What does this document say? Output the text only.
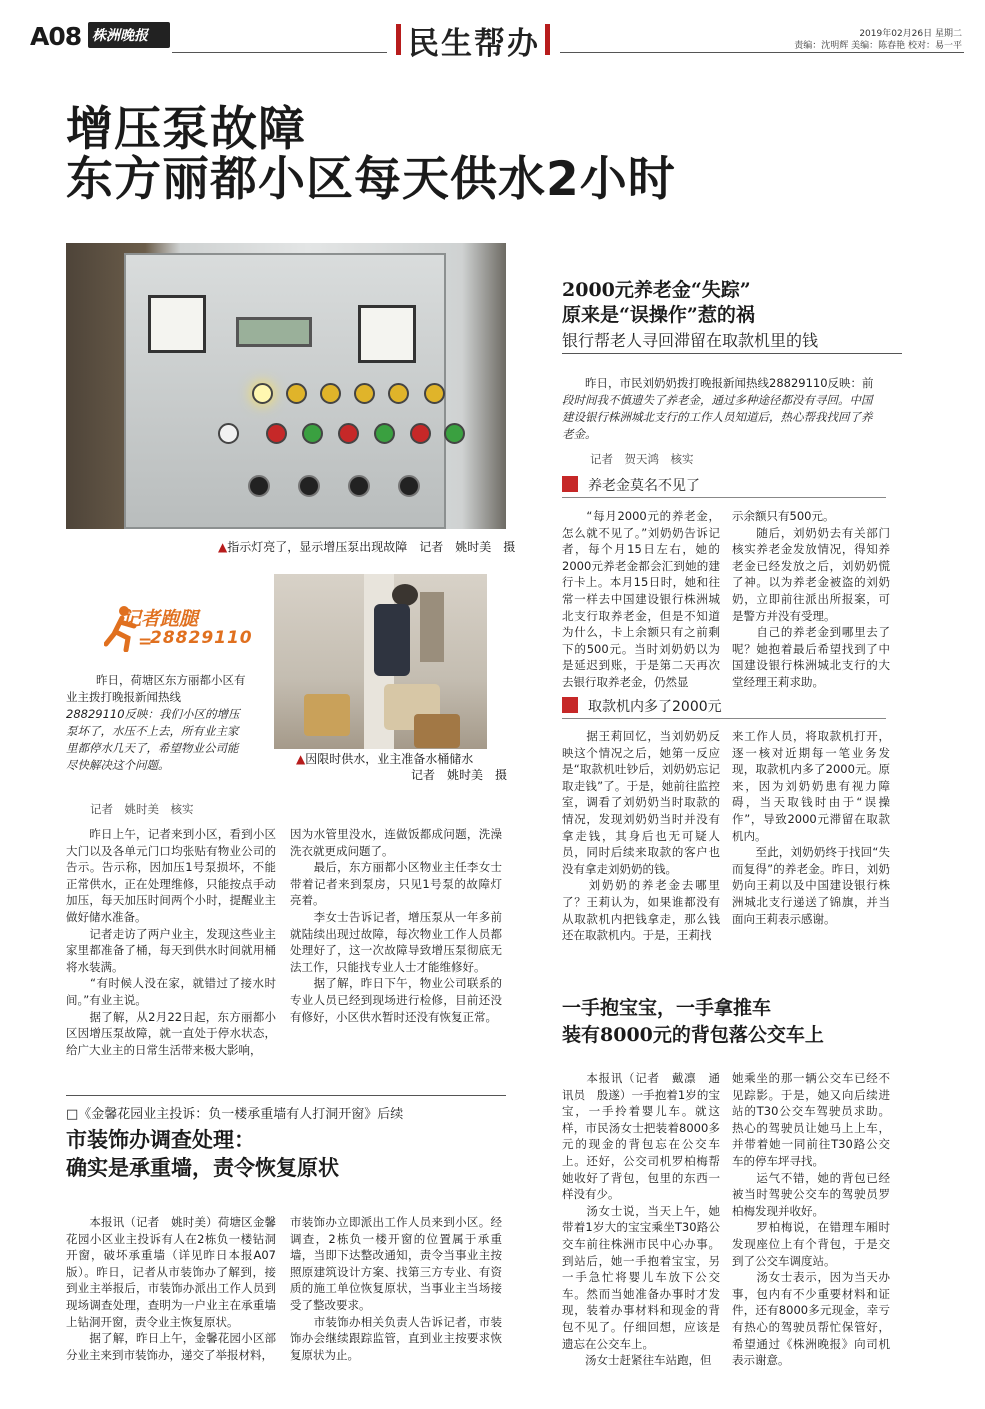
A08 株洲晚报	民生帮办	2019年02月26日 星期二
责编：沈明辉 美编：陈春艳 校对：易一平
增压泵故障
东方丽都小区每天供水2小时
▲指示灯亮了，显示增压泵出现故障　记者　姚时美　摄
记者跑腿
=
28829110
昨日，荷塘区东方丽都小区有
业主拨打晚报新闻热线
28829110反映：我们小区的增压
泵坏了，水压不上去，所有业主家
里都停水几天了，希望物业公司能
尽快解决这个问题。	▲因限时供水，业主准备水桶储水
记者　姚时美　摄
记者　姚时美　核实

　　昨日上午，记者来到小区，看到小区大门以及各单元门口均张贴有物业公司的告示。告示称，因加压1号泵损坏，不能正常供水，正在处理维修，只能按点手动加压，每天加压时间两个小时，提醒业主做好储水准备。

　　记者走访了两户业主，发现这些业主家里都准备了桶，每天到供水时间就用桶将水装满。

　　“有时候人没在家，就错过了接水时间。”有业主说。

　　据了解，从2月22日起，东方丽都小区因增压泵故障，就一直处于停水状态，给广大业主的日常生活带来极大影响，

因为水管里没水，连做饭都成问题，洗澡洗衣就更成问题了。

　　最后，东方丽都小区物业主任李女士带着记者来到泵房，只见1号泵的故障灯亮着。

　　李女士告诉记者，增压泵从一年多前就陆续出现过故障，每次物业工作人员都处理好了，这一次故障导致增压泵彻底无法工作，只能找专业人士才能维修好。

　　据了解，昨日下午，物业公司联系的专业人员已经到现场进行检修，目前还没有修好，小区供水暂时还没有恢复正常。

□《金馨花园业主投诉：负一楼承重墙有人打洞开窗》后续
市装饰办调查处理：
确实是承重墙，责令恢复原状
　　本报讯（记者　姚时美）荷塘区金馨花园小区业主投诉有人在2栋负一楼钻洞开窗，破坏承重墙（详见昨日本报A07版）。昨日，记者从市装饰办了解到，接到业主举报后，市装饰办派出工作人员到现场调查处理，查明为一户业主在承重墙上钻洞开窗，责令业主恢复原状。
　　据了解，昨日上午，金馨花园小区部分业主来到市装饰办，递交了举报材料，
市装饰办立即派出工作人员来到小区。经调查，2栋负一楼开窗的位置属于承重墙，当即下达整改通知，责令当事业主按照原建筑设计方案、找第三方专业、有资质的施工单位恢复原状，当事业主当场接受了整改要求。
　　市装饰办相关负责人告诉记者，市装饰办会继续跟踪监管，直到业主按要求恢复原状为止。
2000元养老金“失踪”
原来是“误操作”惹的祸
银行帮老人寻回滞留在取款机里的钱
　　昨日，市民刘奶奶拨打晚报新闻热线28829110反映：前
段时间我不慎遗失了养老金，通过多种途径都没有寻回。中国
建设银行株洲城北支行的工作人员知道后，热心帮我找回了养
老金。
记者　贺天鸿　核实
养老金莫名不见了
　　“每月2000元的养老金，怎么就不见了。”刘奶奶告诉记者，每个月15日左右，她的2000元养老金都会汇到她的建行卡上。本月15日时，她和往常一样去中国建设银行株洲城北支行取养老金，但是不知道为什么，卡上余额只有之前剩下的500元。当时刘奶奶以为是延迟到账，于是第二天再次去银行取养老金，仍然显
示余额只有500元。
　　随后，刘奶奶去有关部门核实养老金发放情况，得知养老金已经发放之后，刘奶奶慌了神。以为养老金被盗的刘奶奶，立即前往派出所报案，可是警方并没有受理。
　　自己的养老金到哪里去了呢？她抱着最后希望找到了中国建设银行株洲城北支行的大堂经理王莉求助。
取款机内多了2000元
　　据王莉回忆，当刘奶奶反映这个情况之后，她第一反应是“取款机吐钞后，刘奶奶忘记取走钱”了。于是，她前往监控室，调看了刘奶奶当时取款的情况，发现刘奶奶当时并没有拿走钱，其身后也无可疑人员，同时后续来取款的客户也没有拿走刘奶奶的钱。
　　刘奶奶的养老金去哪里了？王莉认为，如果谁都没有从取款机内把钱拿走，那么钱还在取款机内。于是，王莉找
来工作人员，将取款机打开，逐一核对近期每一笔业务发现，取款机内多了2000元。原来，因为刘奶奶患有视力障碍，当天取钱时由于“误操作”，导致2000元滞留在取款机内。
　　至此，刘奶奶终于找回“失而复得”的养老金。昨日，刘奶奶向王莉以及中国建设银行株洲城北支行递送了锦旗，并当面向王莉表示感谢。
一手抱宝宝，一手拿推车
装有8000元的背包落公交车上
　　本报讯（记者　戴凛　通讯员　殷遂）一手抱着1岁的宝宝，一手拎着婴儿车。就这样，市民汤女士把装着8000多元的现金的背包忘在公交车上。还好，公交司机罗柏梅帮她收好了背包，包里的东西一样没有少。
　　汤女士说，当天上午，她带着1岁大的宝宝乘坐T30路公交车前往株洲市民中心办事。到站后，她一手抱着宝宝，另一手急忙将婴儿车放下公交车。然而当她准备办事时才发现，装着办事材料和现金的背包不见了。仔细回想，应该是遗忘在公交车上。
　　汤女士赶紧往车站跑，但
她乘坐的那一辆公交车已经不见踪影。于是，她又向后续进站的T30公交车驾驶员求助。热心的驾驶员让她马上上车，并带着她一同前往T30路公交车的停车坪寻找。
　　运气不错，她的背包已经被当时驾驶公交车的驾驶员罗柏梅发现并收好。
　　罗柏梅说，在错理车厢时发现座位上有个背包，于是交到了公交车调度站。
　　汤女士表示，因为当天办事，包内有不少重要材料和证件，还有8000多元现金，幸亏有热心的驾驶员帮忙保管好，希望通过《株洲晚报》向司机表示谢意。
